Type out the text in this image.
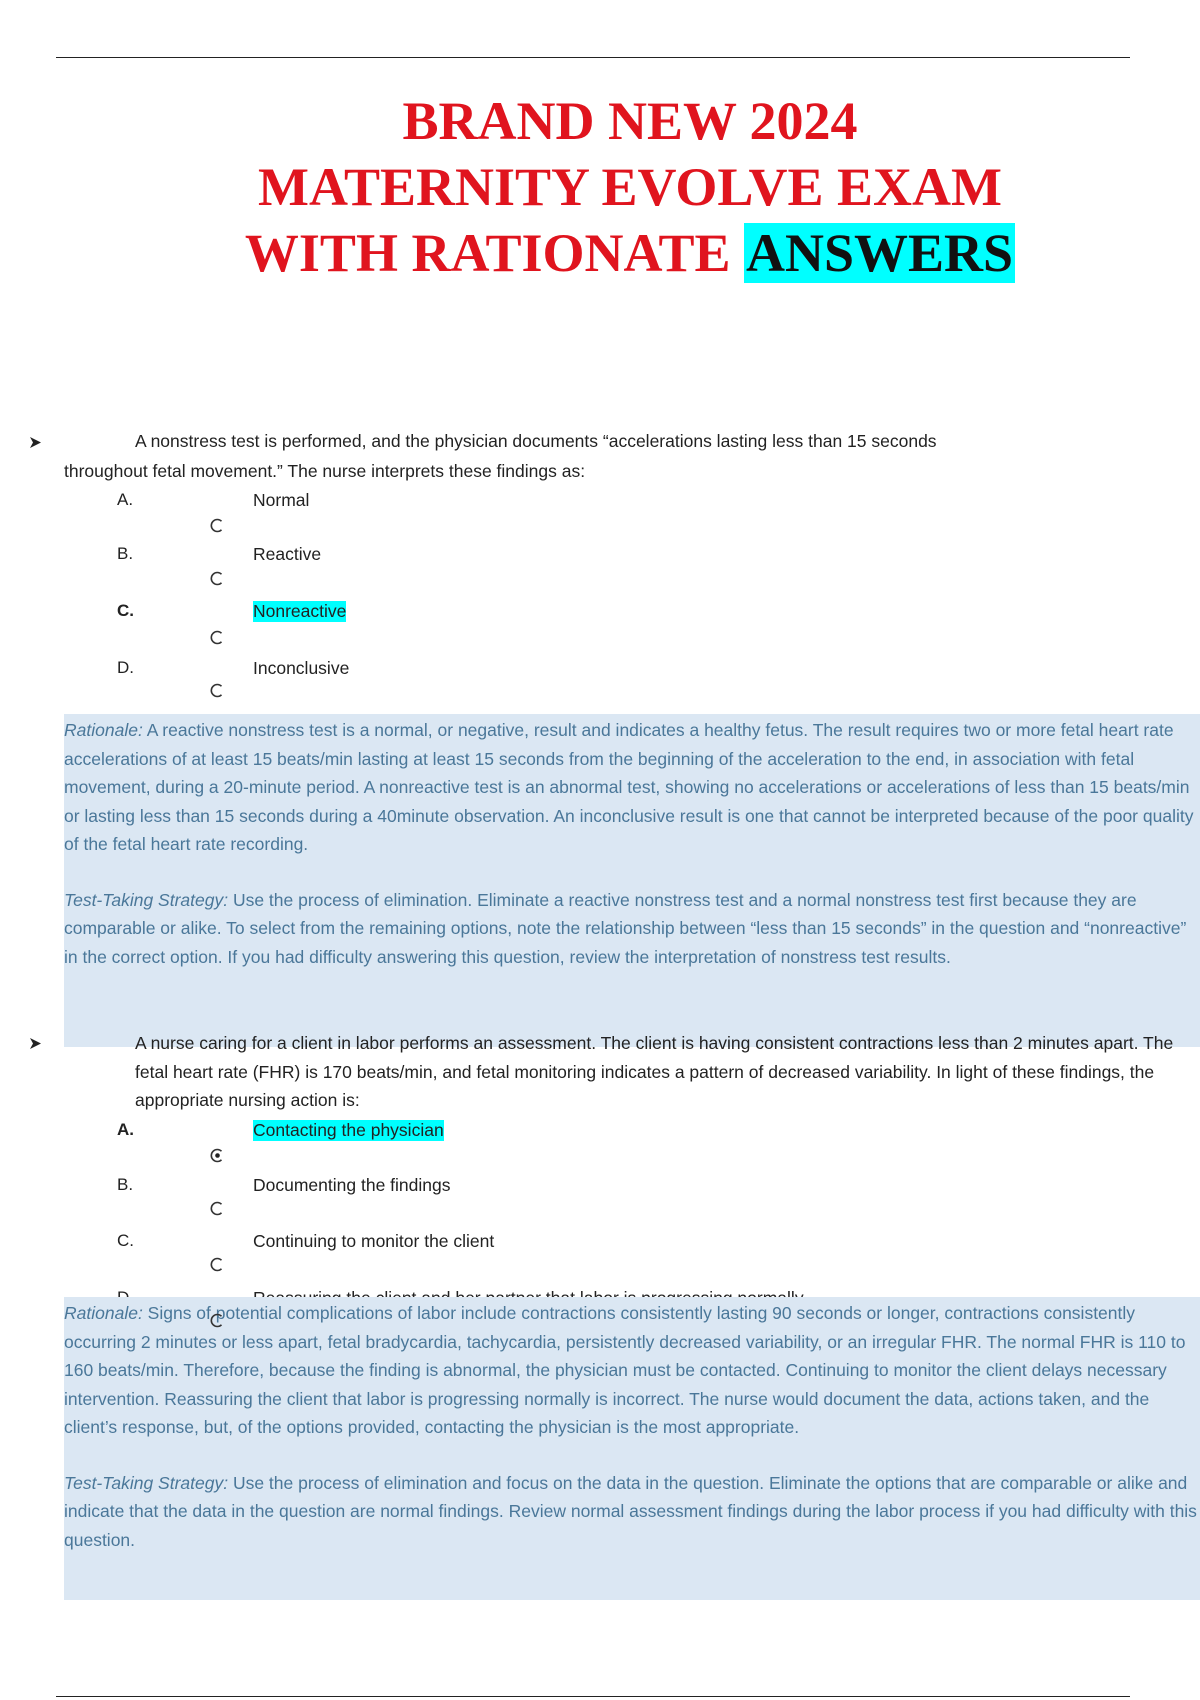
BRAND NEW 2024
MATERNITY EVOLVE EXAM
WITH RATIONATE ANSWERS
A nonstress test is performed, and the physician documents “accelerations lasting less than 15 seconds
throughout fetal movement.” The nurse interprets these findings as:
A.	Normal
B.	Reactive
C.	Nonreactive
D.	Inconclusive

Rationale: A reactive nonstress test is a normal, or negative, result and indicates a healthy fetus. The result requires two or more fetal heart rate accelerations of at least 15 beats/min lasting at least 15 seconds from the beginning of the acceleration to the end, in association with fetal movement, during a 20-minute period. A nonreactive test is an abnormal test, showing no accelerations or accelerations of less than 15 beats/min or lasting less than 15 seconds during a 40minute observation. An inconclusive result is one that cannot be interpreted because of the poor quality of the fetal heart rate recording.

Test-Taking Strategy: Use the process of elimination. Eliminate a reactive nonstress test and a normal nonstress test first because they are comparable or alike. To select from the remaining options, note the relationship between “less than 15 seconds” in the question and “nonreactive” in the correct option. If you had difficulty answering this question, review the interpretation of nonstress test results.

A nurse caring for a client in labor performs an assessment. The client is having consistent contractions less than 2 minutes apart. The fetal heart rate (FHR) is 170 beats/min, and fetal monitoring indicates a pattern of decreased variability. In light of these findings, the appropriate nursing action is:
A.	Contacting the physician
B.	Documenting the findings
C.	Continuing to monitor the client

Rationale: Signs of potential complications of labor include contractions consistently lasting 90 seconds or longer, contractions consistently occurring 2 minutes or less apart, fetal bradycardia, tachycardia, persistently decreased variability, or an irregular FHR. The normal FHR is 110 to 160 beats/min. Therefore, because the finding is abnormal, the physician must be contacted. Continuing to monitor the client delays necessary intervention. Reassuring the client that labor is progressing normally is incorrect. The nurse would document the data, actions taken, and the client’s response, but, of the options provided, contacting the physician is the most appropriate.

Test-Taking Strategy: Use the process of elimination and focus on the data in the question. Eliminate the options that are comparable or alike and indicate that the data in the question are normal findings. Review normal assessment findings during the labor process if you had difficulty with this question.
